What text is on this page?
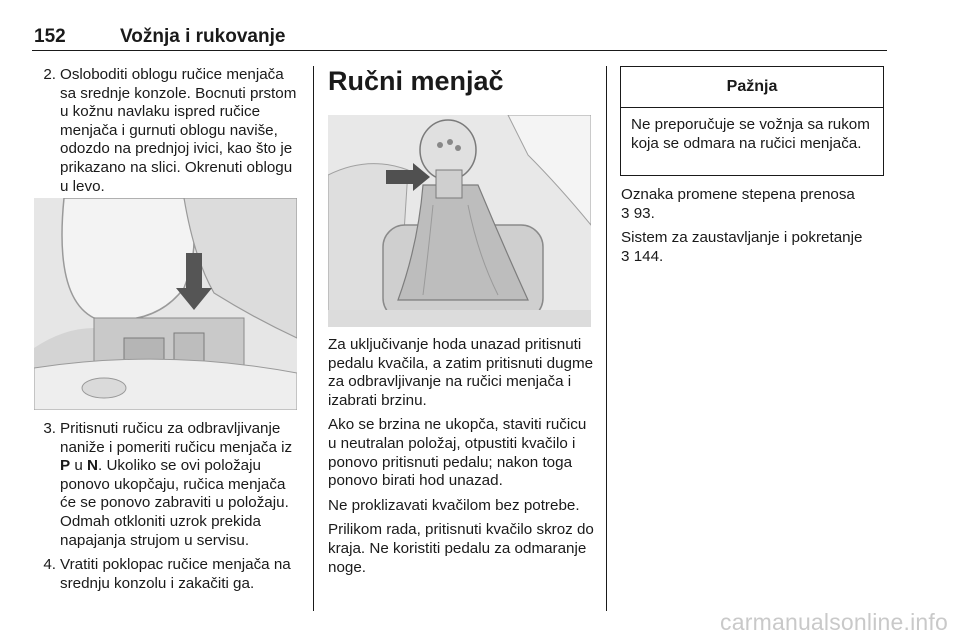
152	Vožnja i rukovanje
2. Osloboditi oblogu ručice menjača sa srednje konzole. Bocnuti prstom u kožnu navlaku ispred ručice menjača i gurnuti oblogu naviše, odozdo na prednjoj ivici, kao što je prikazano na slici. Okrenuti oblogu u levo.
3. Pritisnuti ručicu za odbravljivanje naniže i pomeriti ručicu menjača iz P u N. Ukoliko se ovi položaju ponovo ukopčaju, ručica menjača će se ponovo zabraviti u položaju. Odmah otkloniti uzrok prekida napajanja strujom u servisu.
4. Vratiti poklopac ručice menjača na srednju konzolu i zakačiti ga.
Ručni menjač

Za uključivanje hoda unazad pritisnuti pedalu kvačila, a zatim pritisnuti dugme za odbravljivanje na ručici menjača i izabrati brzinu.

Ako se brzina ne ukopča, staviti ručicu u neutralan položaj, otpustiti kvačilo i ponovo pritisnuti pedalu; nakon toga ponovo birati hod unazad.

Ne proklizavati kvačilom bez potrebe.

Prilikom rada, pritisnuti kvačilo skroz do kraja. Ne koristiti pedalu za odmaranje noge.

Pažnja
Ne preporučuje se vožnja sa rukom koja se odmara na ručici menjača.

Oznaka promene stepena prenosa
3 93.

Sistem za zaustavljanje i pokretanje
3 144.

carmanualsonline.info
